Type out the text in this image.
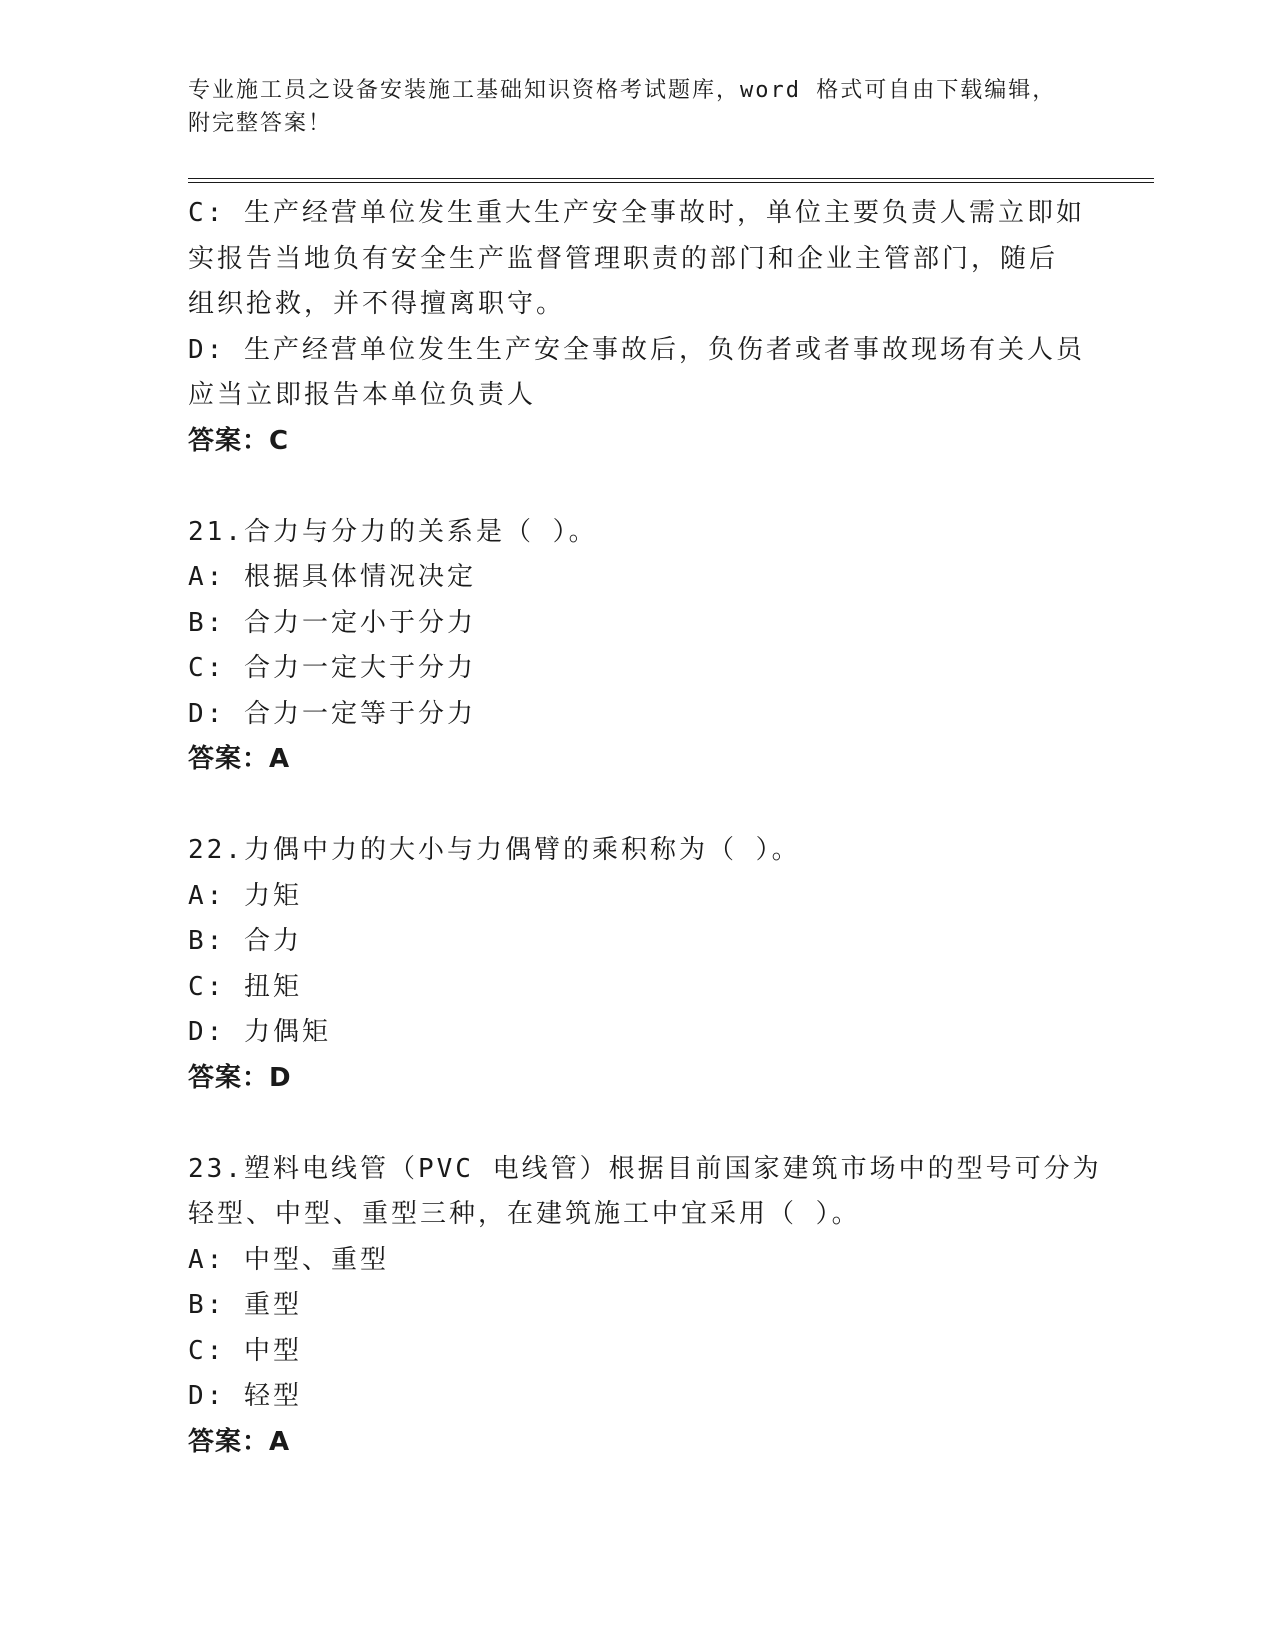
专业施工员之设备安装施工基础知识资格考试题库，word 格式可自由下载编辑，
附完整答案！
C: 生产经营单位发生重大生产安全事故时，单位主要负责人需立即如
实报告当地负有安全生产监督管理职责的部门和企业主管部门，随后
组织抢救，并不得擅离职守。
D: 生产经营单位发生生产安全事故后，负伤者或者事故现场有关人员
应当立即报告本单位负责人
答案：C
21.合力与分力的关系是（ ）。
A: 根据具体情况决定
B: 合力一定小于分力
C: 合力一定大于分力
D: 合力一定等于分力
答案：A
22.力偶中力的大小与力偶臂的乘积称为（ ）。
A: 力矩
B: 合力
C: 扭矩
D: 力偶矩
答案：D
23.塑料电线管（PVC 电线管）根据目前国家建筑市场中的型号可分为
轻型、中型、重型三种，在建筑施工中宜采用（ ）。
A: 中型、重型
B: 重型
C: 中型
D: 轻型
答案：A
